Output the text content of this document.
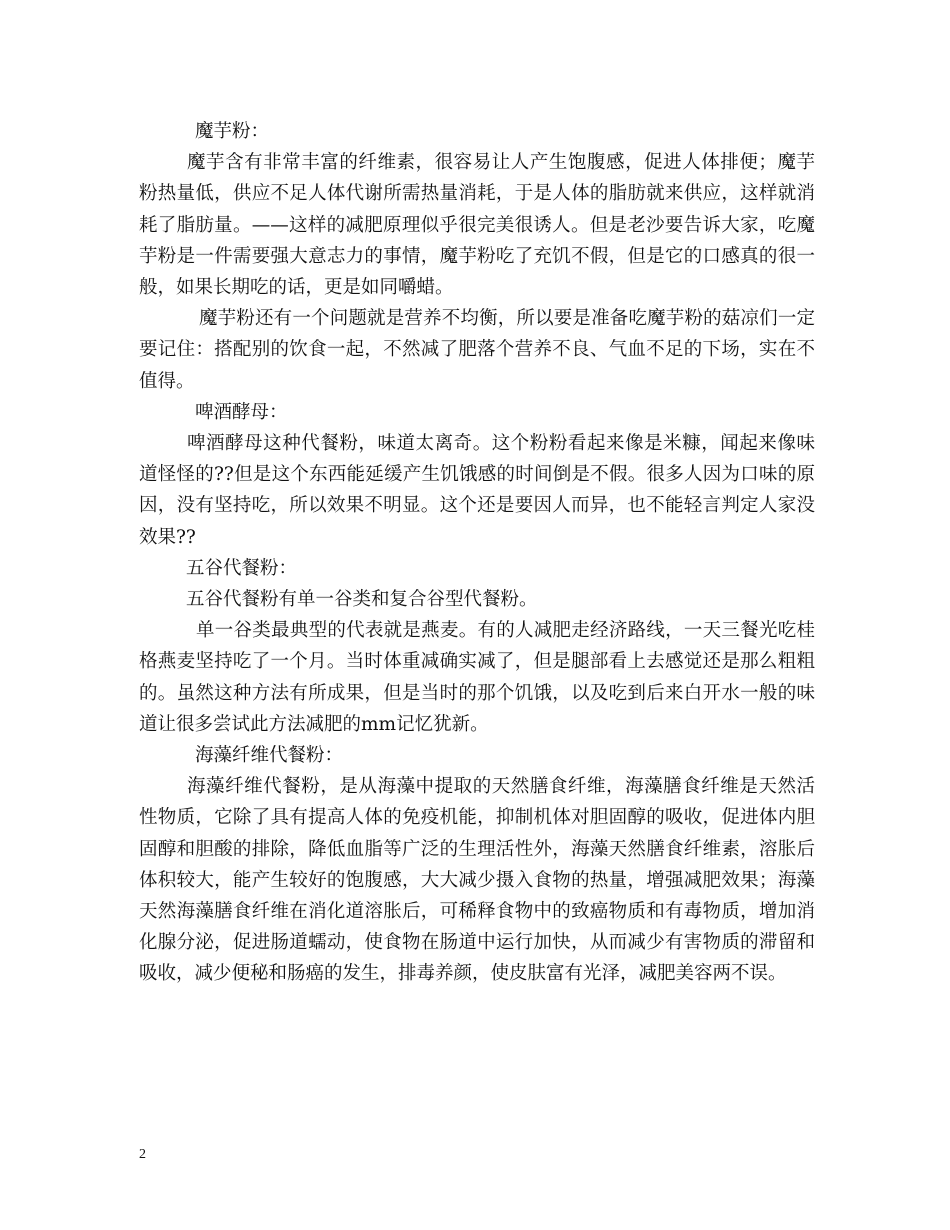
魔芋粉：

魔芋含有非常丰富的纤维素，很容易让人产生饱腹感，促进人体排便；魔芋粉热量低，供应不足人体代谢所需热量消耗，于是人体的脂肪就来供应，这样就消耗了脂肪量。——这样的减肥原理似乎很完美很诱人。但是老沙要告诉大家，吃魔芋粉是一件需要强大意志力的事情，魔芋粉吃了充饥不假，但是它的口感真的很一般，如果长期吃的话，更是如同嚼蜡。

魔芋粉还有一个问题就是营养不均衡，所以要是准备吃魔芋粉的菇凉们一定要记住：搭配别的饮食一起，不然减了肥落个营养不良、气血不足的下场，实在不值得。

啤酒酵母：

啤酒酵母这种代餐粉，味道太离奇。这个粉粉看起来像是米糠，闻起来像味道怪怪的??但是这个东西能延缓产生饥饿感的时间倒是不假。很多人因为口味的原因，没有坚持吃，所以效果不明显。这个还是要因人而异，也不能轻言判定人家没效果??

五谷代餐粉：

五谷代餐粉有单一谷类和复合谷型代餐粉。

单一谷类最典型的代表就是燕麦。有的人减肥走经济路线，一天三餐光吃桂格燕麦坚持吃了一个月。当时体重减确实减了，但是腿部看上去感觉还是那么粗粗的。虽然这种方法有所成果，但是当时的那个饥饿，以及吃到后来白开水一般的味道让很多尝试此方法减肥的mm记忆犹新。

海藻纤维代餐粉：

海藻纤维代餐粉，是从海藻中提取的天然膳食纤维，海藻膳食纤维是天然活性物质，它除了具有提高人体的免疫机能，抑制机体对胆固醇的吸收，促进体内胆固醇和胆酸的排除，降低血脂等广泛的生理活性外，海藻天然膳食纤维素，溶胀后体积较大，能产生较好的饱腹感，大大减少摄入食物的热量，增强减肥效果；海藻天然海藻膳食纤维在消化道溶胀后，可稀释食物中的致癌物质和有毒物质，增加消化腺分泌，促进肠道蠕动，使食物在肠道中运行加快，从而减少有害物质的滞留和吸收，减少便秘和肠癌的发生，排毒养颜，使皮肤富有光泽，减肥美容两不误。

2
